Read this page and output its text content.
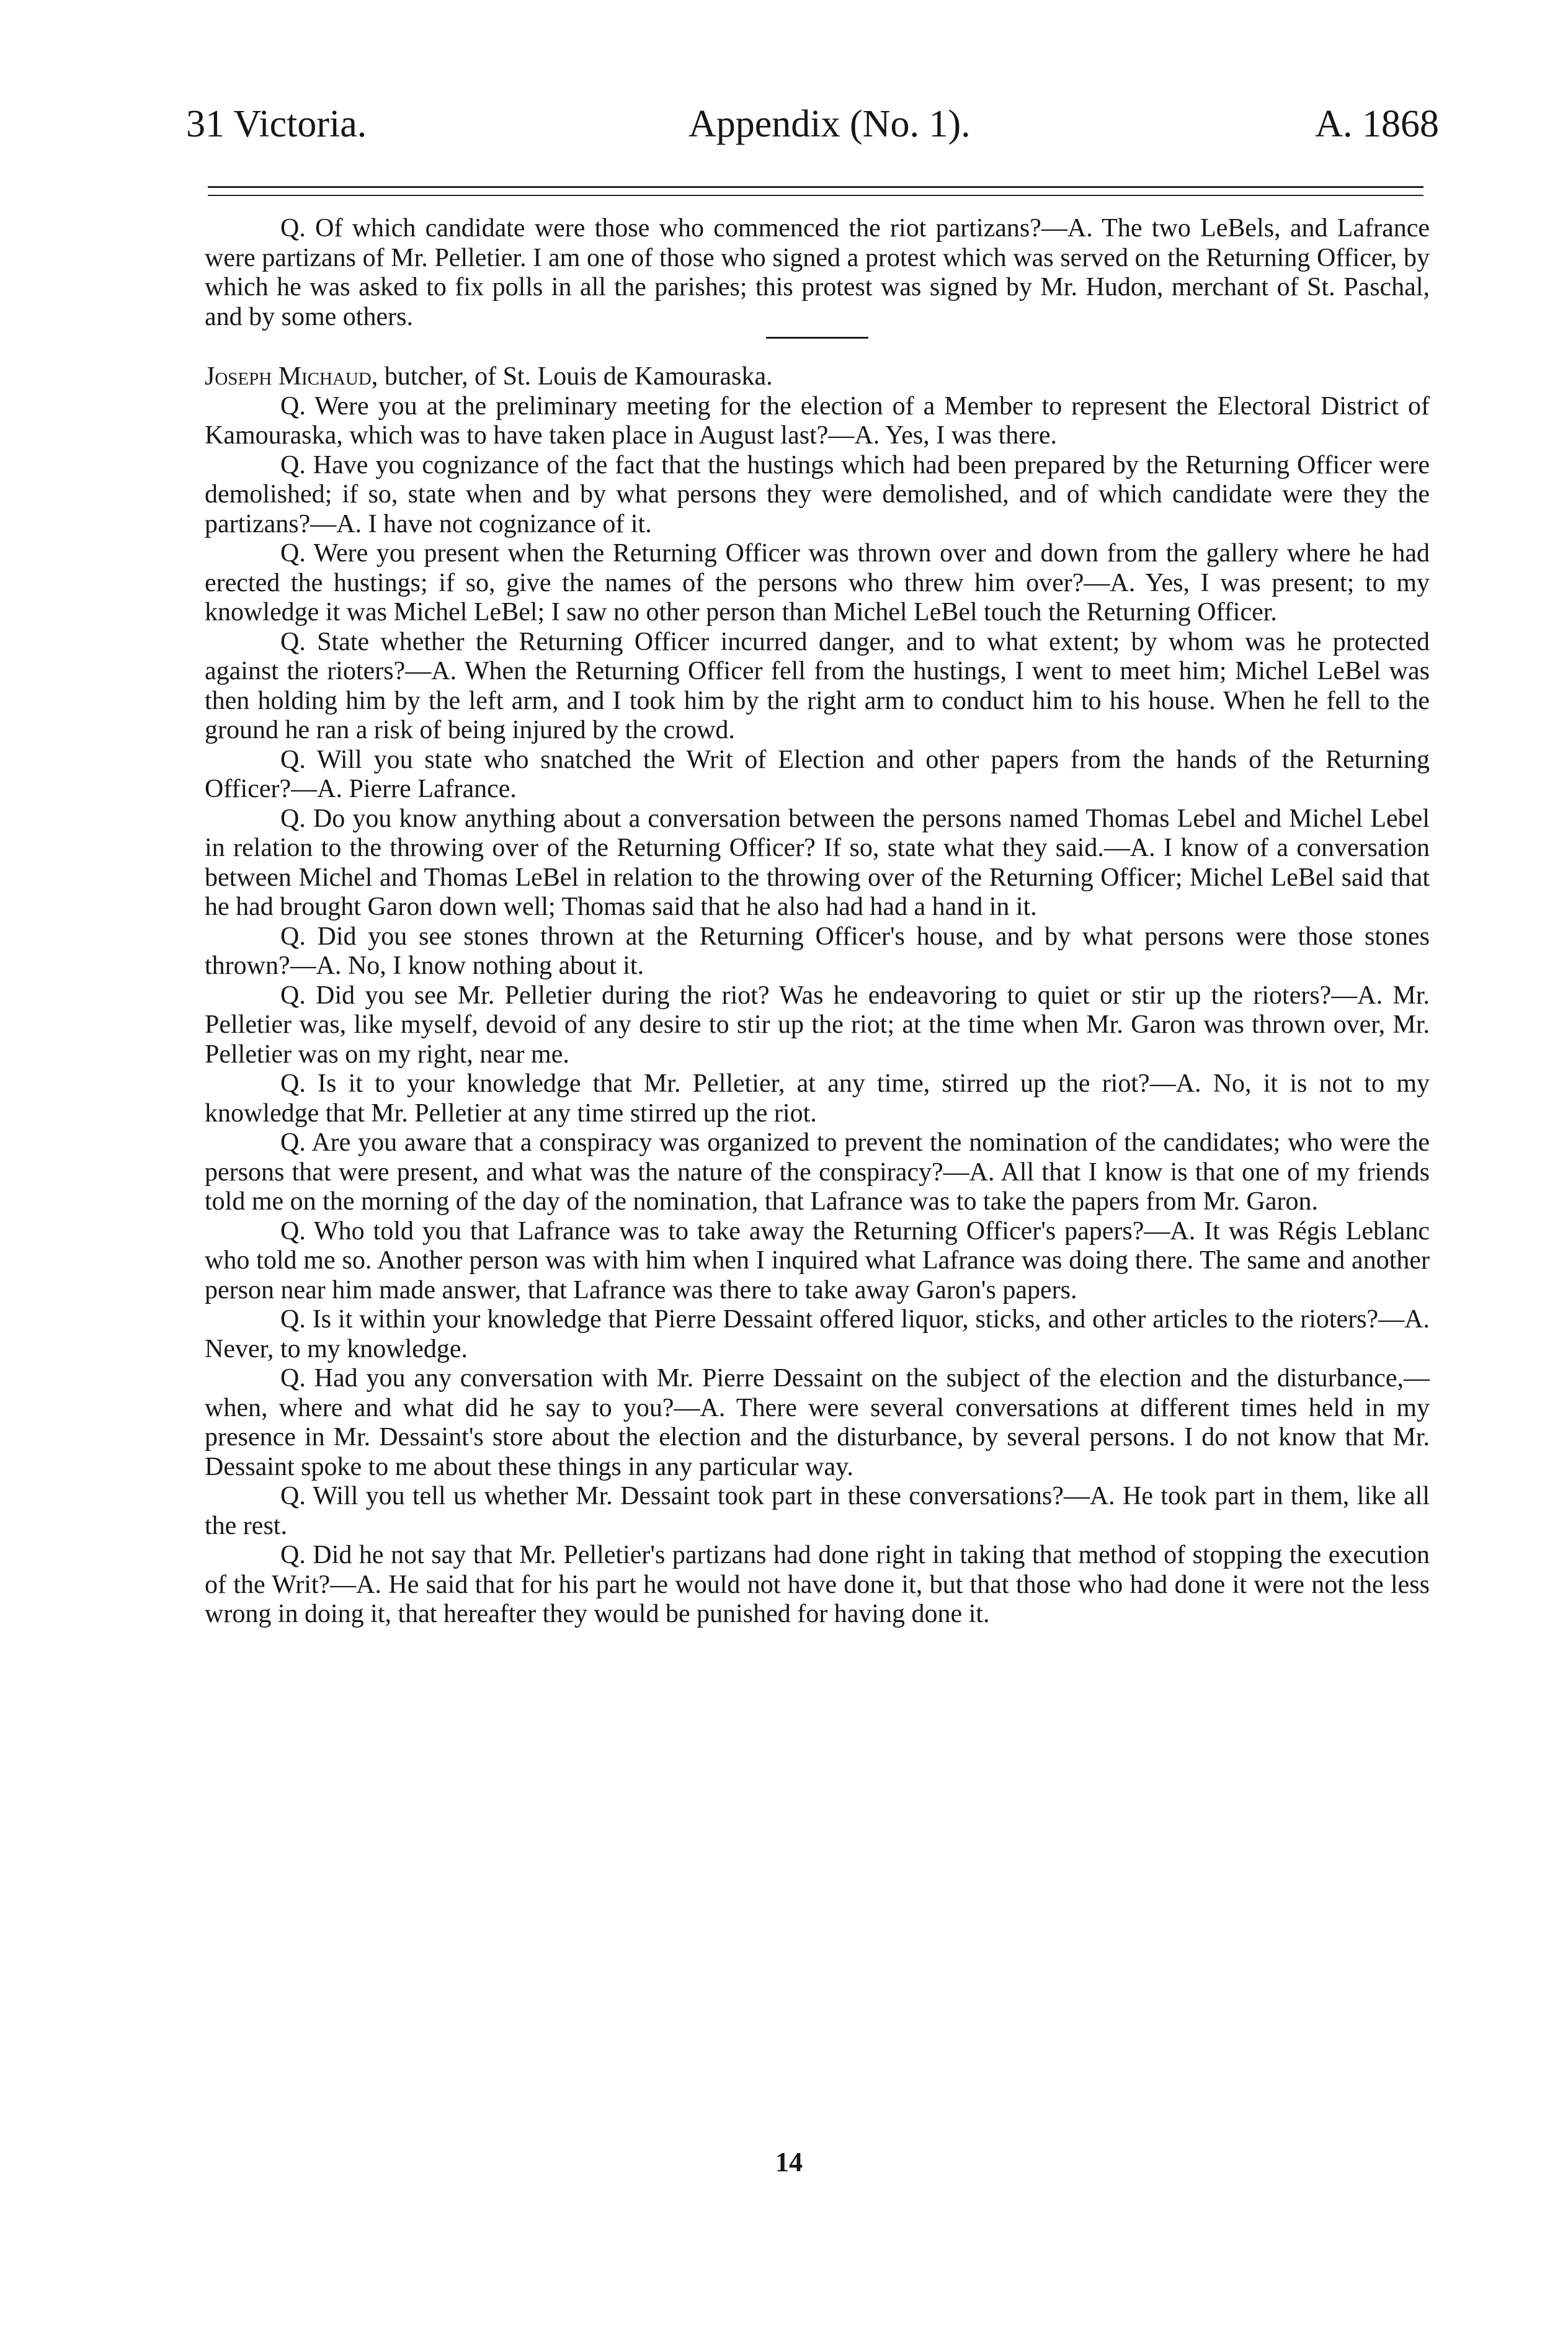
31 Victoria.	Appendix (No. 1).	A. 1868

Q. Of which candidate were those who commenced the riot partizans?—A. The two LeBels, and Lafrance were partizans of Mr. Pelletier. I am one of those who signed a protest which was served on the Returning Officer, by which he was asked to fix polls in all the parishes; this protest was signed by Mr. Hudon, merchant of St. Paschal, and by some others.

Joseph Michaud, butcher, of St. Louis de Kamouraska.

Q. Were you at the preliminary meeting for the election of a Member to represent the Electoral District of Kamouraska, which was to have taken place in August last?—A. Yes, I was there.

Q. Have you cognizance of the fact that the hustings which had been prepared by the Returning Officer were demolished; if so, state when and by what persons they were demolished, and of which candidate were they the partizans?—A. I have not cognizance of it.

Q. Were you present when the Returning Officer was thrown over and down from the gallery where he had erected the hustings; if so, give the names of the persons who threw him over?—A. Yes, I was present; to my knowledge it was Michel LeBel; I saw no other person than Michel LeBel touch the Returning Officer.

Q. State whether the Returning Officer incurred danger, and to what extent; by whom was he protected against the rioters?—A. When the Returning Officer fell from the hustings, I went to meet him; Michel LeBel was then holding him by the left arm, and I took him by the right arm to conduct him to his house. When he fell to the ground he ran a risk of being injured by the crowd.

Q. Will you state who snatched the Writ of Election and other papers from the hands of the Returning Officer?—A. Pierre Lafrance.

Q. Do you know anything about a conversation between the persons named Thomas Lebel and Michel Lebel in relation to the throwing over of the Returning Officer? If so, state what they said.—A. I know of a conversation between Michel and Thomas LeBel in relation to the throwing over of the Returning Officer; Michel LeBel said that he had brought Garon down well; Thomas said that he also had had a hand in it.

Q. Did you see stones thrown at the Returning Officer's house, and by what persons were those stones thrown?—A. No, I know nothing about it.

Q. Did you see Mr. Pelletier during the riot? Was he endeavoring to quiet or stir up the rioters?—A. Mr. Pelletier was, like myself, devoid of any desire to stir up the riot; at the time when Mr. Garon was thrown over, Mr. Pelletier was on my right, near me.

Q. Is it to your knowledge that Mr. Pelletier, at any time, stirred up the riot?—A. No, it is not to my knowledge that Mr. Pelletier at any time stirred up the riot.

Q. Are you aware that a conspiracy was organized to prevent the nomination of the candidates; who were the persons that were present, and what was the nature of the conspiracy?—A. All that I know is that one of my friends told me on the morning of the day of the nomination, that Lafrance was to take the papers from Mr. Garon.

Q. Who told you that Lafrance was to take away the Returning Officer's papers?—A. It was Régis Leblanc who told me so. Another person was with him when I inquired what Lafrance was doing there. The same and another person near him made answer, that Lafrance was there to take away Garon's papers.

Q. Is it within your knowledge that Pierre Dessaint offered liquor, sticks, and other articles to the rioters?—A. Never, to my knowledge.

Q. Had you any conversation with Mr. Pierre Dessaint on the subject of the election and the disturbance,—when, where and what did he say to you?—A. There were several conversations at different times held in my presence in Mr. Dessaint's store about the election and the disturbance, by several persons. I do not know that Mr. Dessaint spoke to me about these things in any particular way.

Q. Will you tell us whether Mr. Dessaint took part in these conversations?—A. He took part in them, like all the rest.

Q. Did he not say that Mr. Pelletier's partizans had done right in taking that method of stopping the execution of the Writ?—A. He said that for his part he would not have done it, but that those who had done it were not the less wrong in doing it, that hereafter they would be punished for having done it.

14
